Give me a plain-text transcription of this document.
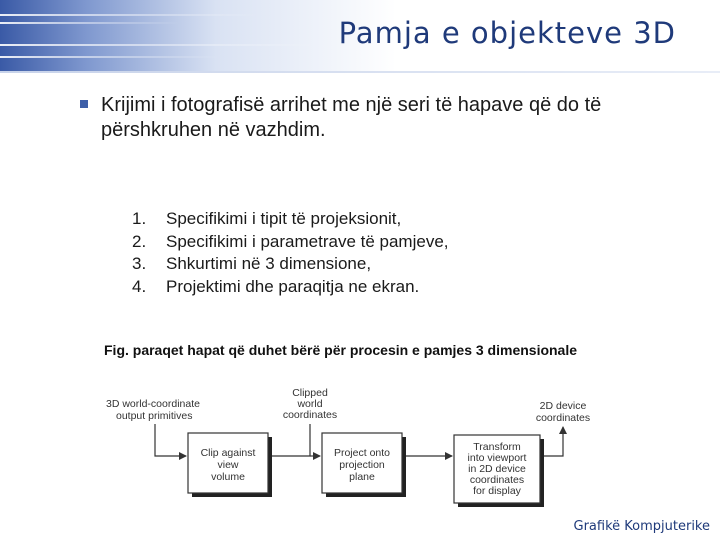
Pamja e objekteve 3D
Krijimi i fotografisë arrihet me një seri të hapave që do të përshkruhen në vazhdim.
1. Specifikimi i tipit të projeksionit,
2. Specifikimi i parametrave të pamjeve,
3. Shkurtimi në 3 dimensione,
4. Projektimi dhe paraqitja ne ekran.
Fig. paraqet hapat që duhet bërë për procesin e pamjes 3 dimensionale
3D world-coordinate
output primitives
Clipped
world
coordinates
2D device
coordinates
Clip against
view
volume
Project onto
projection
plane
Transform
into viewport
in 2D device
coordinates
for display
Grafikë Kompjuterike
